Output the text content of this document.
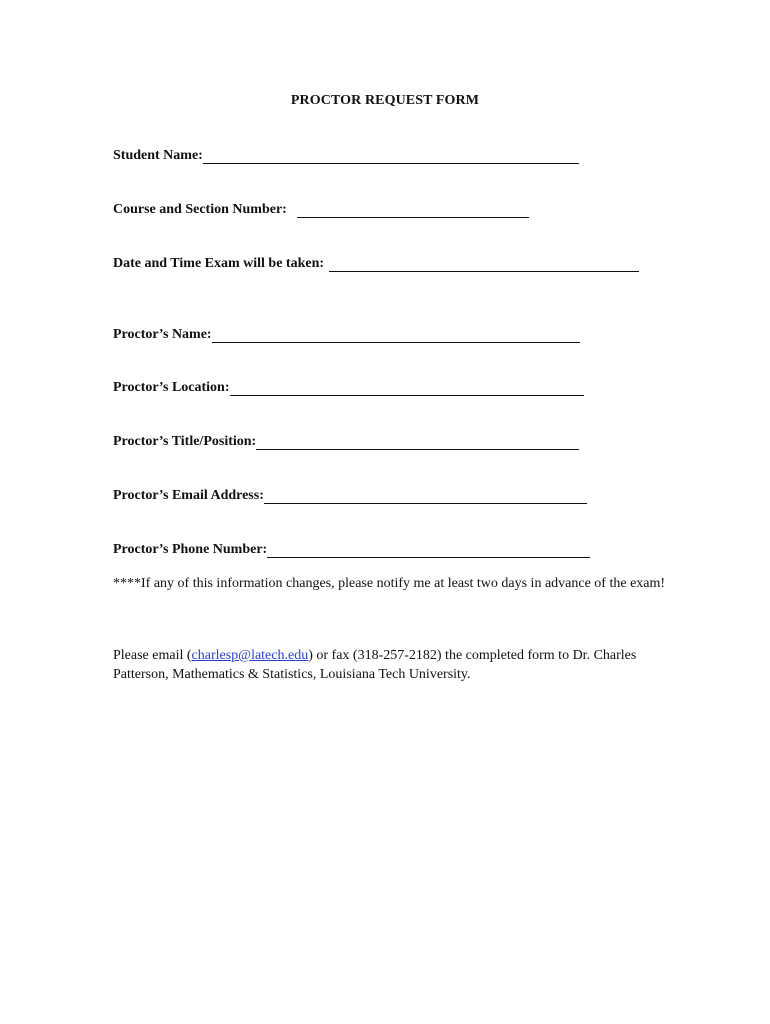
PROCTOR REQUEST FORM
Student Name:
Course and Section Number:
Date and Time Exam will be taken:
Proctor’s Name:
Proctor’s Location:
Proctor’s Title/Position:
Proctor’s Email Address:
Proctor’s Phone Number:
****If any of this information changes, please notify me at least two days in advance of the exam!
Please email (charlesp@latech.edu) or fax (318-257-2182) the completed form to Dr. Charles Patterson, Mathematics & Statistics, Louisiana Tech University.
